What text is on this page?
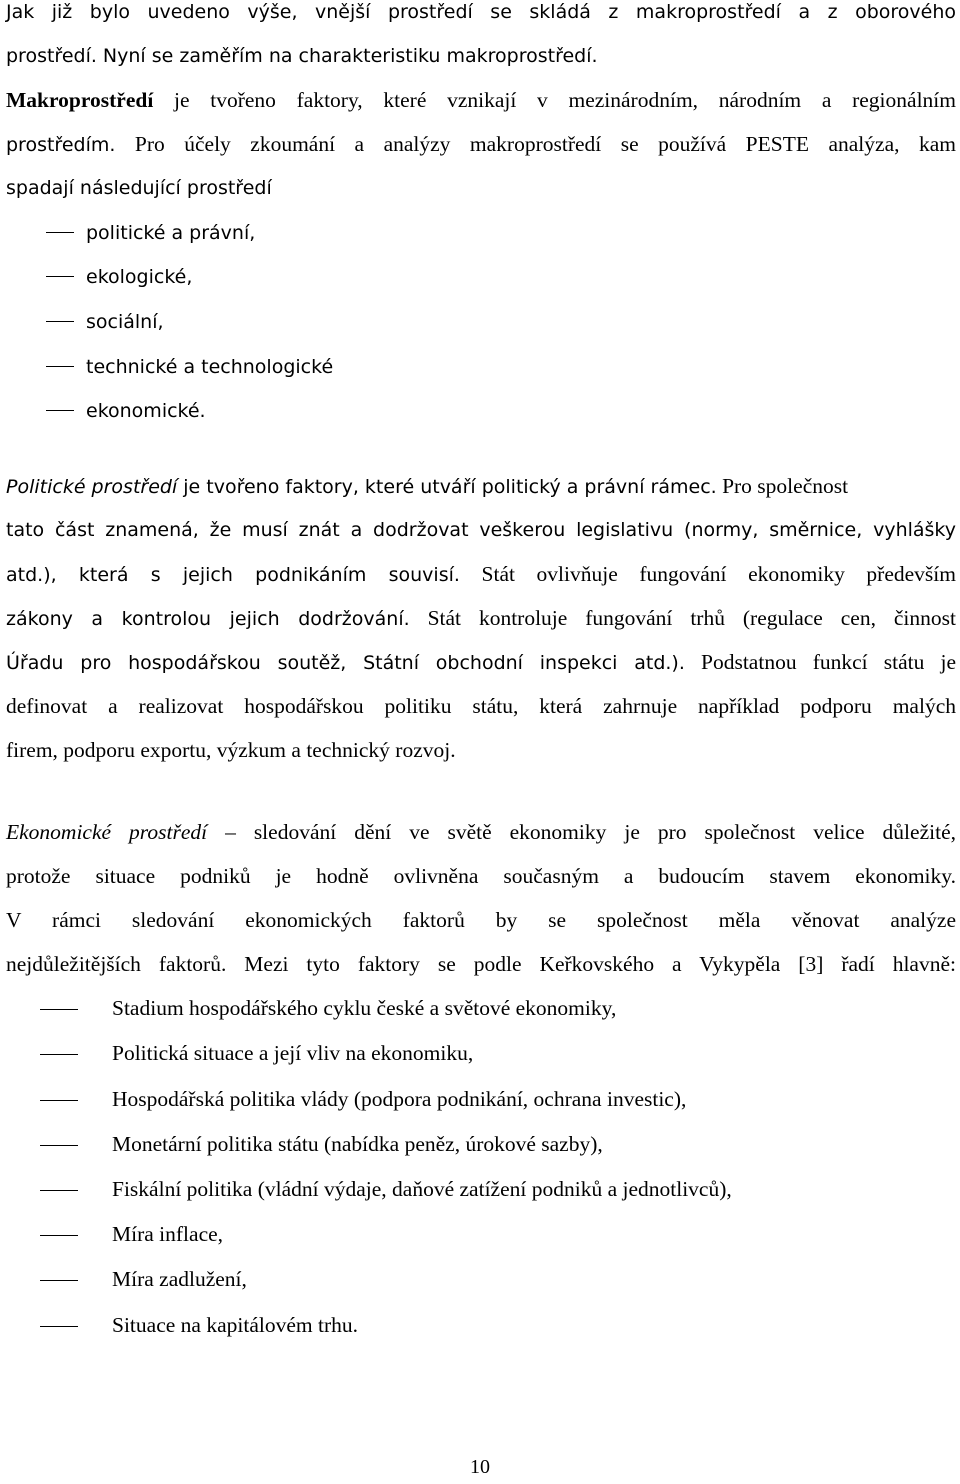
Jak již bylo uvedeno výše, vnější prostředí se skládá z makroprostředí a z oborového
prostředí. Nyní se zaměřím na charakteristiku makroprostředí.
Makroprostředí je tvořeno faktory, které vznikají v mezinárodním, národním a regionálním
prostředím. Pro účely zkoumání a analýzy makroprostředí se používá PESTE analýza, kam
spadají následující prostředí
politické a právní,
ekologické,
sociální,
technické a technologické
ekonomické.
Politické prostředí je tvořeno faktory, které utváří politický a právní rámec. Pro společnost
tato část znamená, že musí znát a dodržovat veškerou legislativu (normy, směrnice, vyhlášky
atd.), která s jejich podnikáním souvisí. Stát ovlivňuje fungování ekonomiky především
zákony a kontrolou jejich dodržování. Stát kontroluje fungování trhů (regulace cen, činnost
Úřadu pro hospodářskou soutěž, Státní obchodní inspekci atd.). Podstatnou funkcí státu je
definovat a realizovat hospodářskou politiku státu, která zahrnuje například podporu malých
firem, podporu exportu, výzkum a technický rozvoj.
Ekonomické prostředí – sledování dění ve světě ekonomiky je pro společnost velice důležité,
protože situace podniků je hodně ovlivněna současným a budoucím stavem ekonomiky.
V rámci sledování ekonomických faktorů by se společnost měla věnovat analýze
nejdůležitějších faktorů. Mezi tyto faktory se podle Keřkovského a Vykypěla [3] řadí hlavně:
Stadium hospodářského cyklu české a světové ekonomiky,
Politická situace a její vliv na ekonomiku,
Hospodářská politika vlády (podpora podnikání, ochrana investic),
Monetární politika státu (nabídka peněz, úrokové sazby),
Fiskální politika (vládní výdaje, daňové zatížení podniků a jednotlivců),
Míra inflace,
Míra zadlužení,
Situace na kapitálovém trhu.
10
